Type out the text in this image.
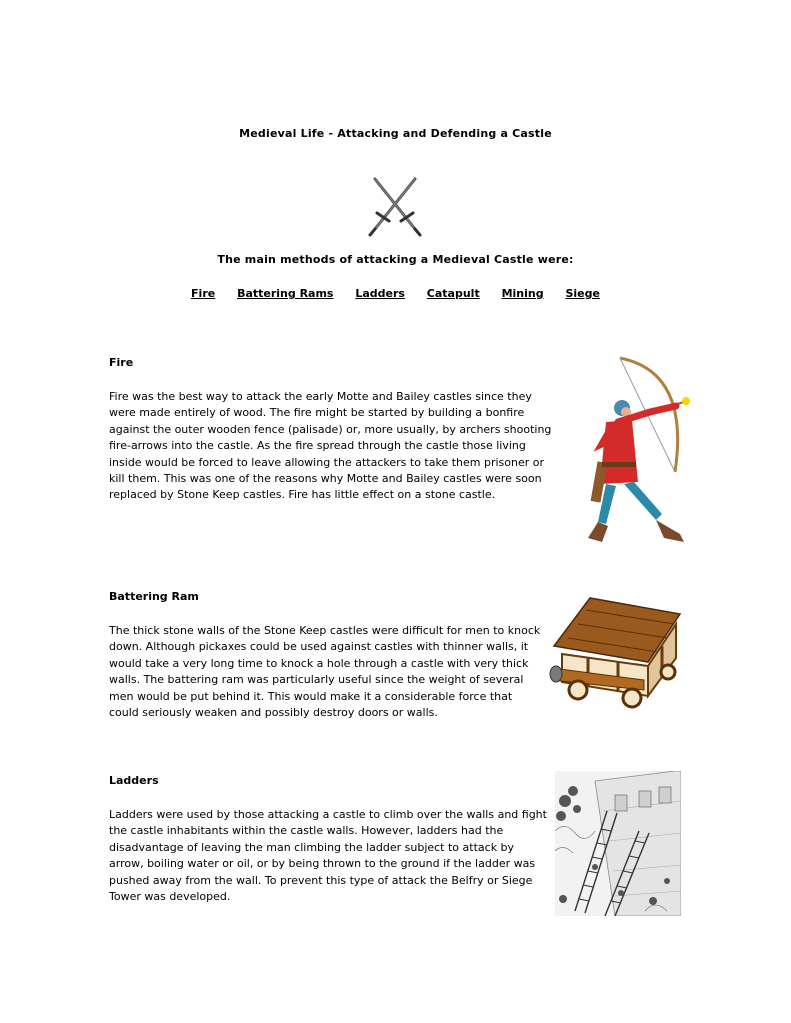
Medieval Life - Attacking and Defending a Castle
The main methods of attacking a Medieval Castle were:
Fire Battering Rams Ladders Catapult Mining Siege
Fire
Fire was the best way to attack the early Motte and Bailey castles since they were made entirely of wood. The fire might be started by building a bonfire against the outer wooden fence (palisade) or, more usually, by archers shooting fire-arrows into the castle. As the fire spread through the castle those living inside would be forced to leave allowing the attackers to take them prisoner or kill them. This was one of the reasons why Motte and Bailey castles were soon replaced by Stone Keep castles. Fire has little effect on a stone castle.
Battering Ram
The thick stone walls of the Stone Keep castles were difficult for men to knock down. Although pickaxes could be used against castles with thinner walls, it would take a very long time to knock a hole through a castle with very thick walls. The battering ram was particularly useful since the weight of several men would be put behind it. This would make it a considerable force that could seriously weaken and possibly destroy doors or walls.
Ladders
Ladders were used by those attacking a castle to climb over the walls and fight the castle inhabitants within the castle walls. However, ladders had the disadvantage of leaving the man climbing the ladder subject to attack by arrow, boiling water or oil, or by being thrown to the ground if the ladder was pushed away from the wall. To prevent this type of attack the Belfry or Siege Tower was developed.
